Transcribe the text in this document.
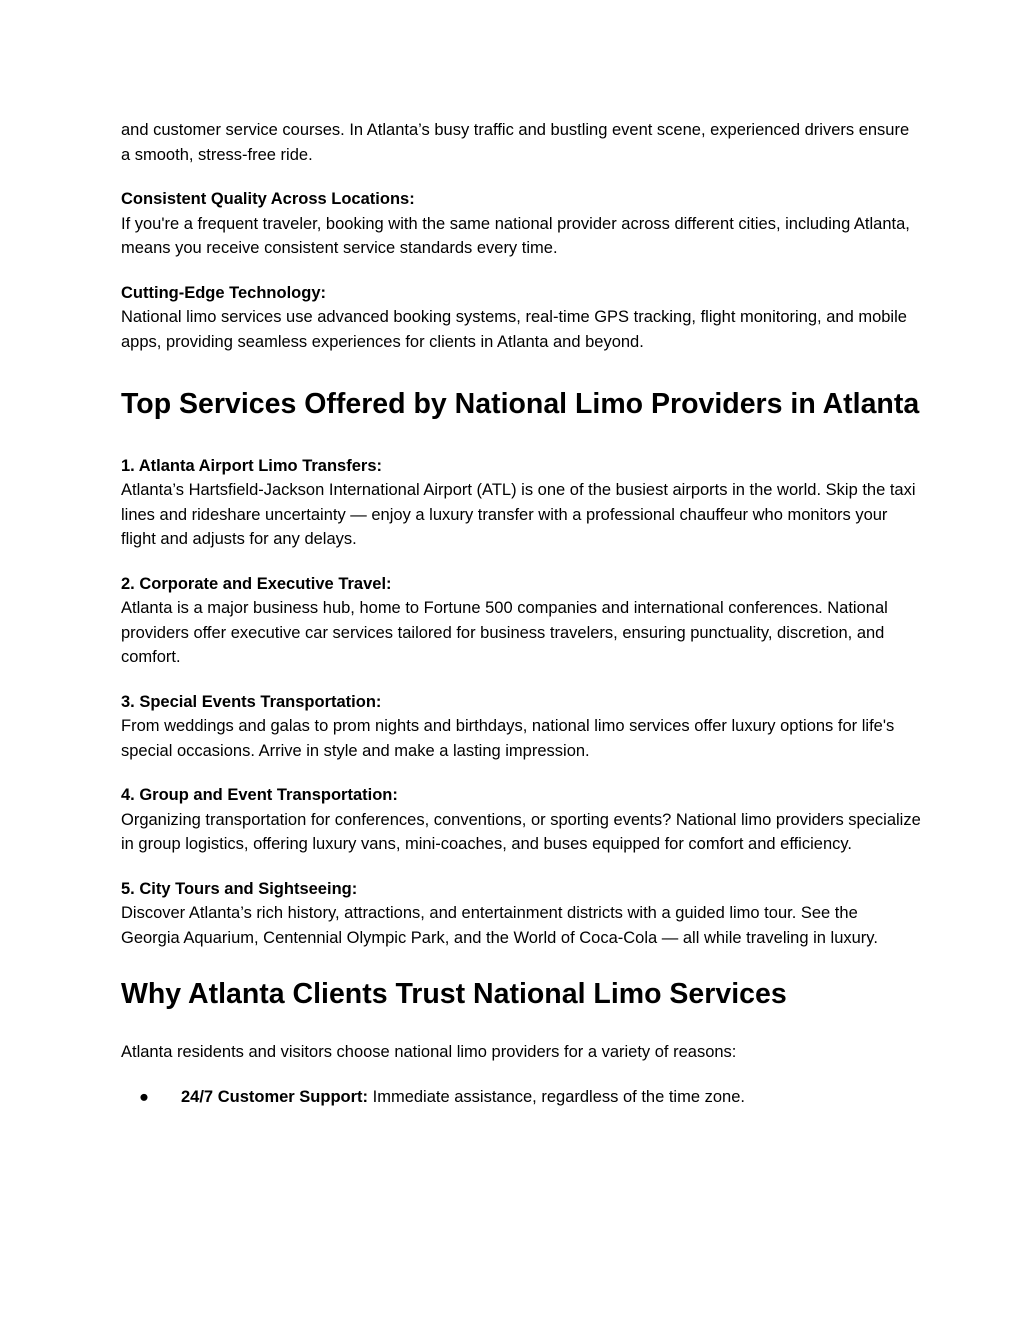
and customer service courses. In Atlanta’s busy traffic and bustling event scene, experienced drivers ensure a smooth, stress-free ride.

Consistent Quality Across Locations:
If you're a frequent traveler, booking with the same national provider across different cities, including Atlanta, means you receive consistent service standards every time.

Cutting-Edge Technology:
National limo services use advanced booking systems, real-time GPS tracking, flight monitoring, and mobile apps, providing seamless experiences for clients in Atlanta and beyond.

Top Services Offered by National Limo Providers in Atlanta

1. Atlanta Airport Limo Transfers:
Atlanta’s Hartsfield-Jackson International Airport (ATL) is one of the busiest airports in the world. Skip the taxi lines and rideshare uncertainty — enjoy a luxury transfer with a professional chauffeur who monitors your flight and adjusts for any delays.

2. Corporate and Executive Travel:
Atlanta is a major business hub, home to Fortune 500 companies and international conferences. National providers offer executive car services tailored for business travelers, ensuring punctuality, discretion, and comfort.

3. Special Events Transportation:
From weddings and galas to prom nights and birthdays, national limo services offer luxury options for life's special occasions. Arrive in style and make a lasting impression.

4. Group and Event Transportation:
Organizing transportation for conferences, conventions, or sporting events? National limo providers specialize in group logistics, offering luxury vans, mini-coaches, and buses equipped for comfort and efficiency.

5. City Tours and Sightseeing:
Discover Atlanta’s rich history, attractions, and entertainment districts with a guided limo tour. See the Georgia Aquarium, Centennial Olympic Park, and the World of Coca-Cola — all while traveling in luxury.

Why Atlanta Clients Trust National Limo Services

Atlanta residents and visitors choose national limo providers for a variety of reasons:

● 24/7 Customer Support: Immediate assistance, regardless of the time zone.
